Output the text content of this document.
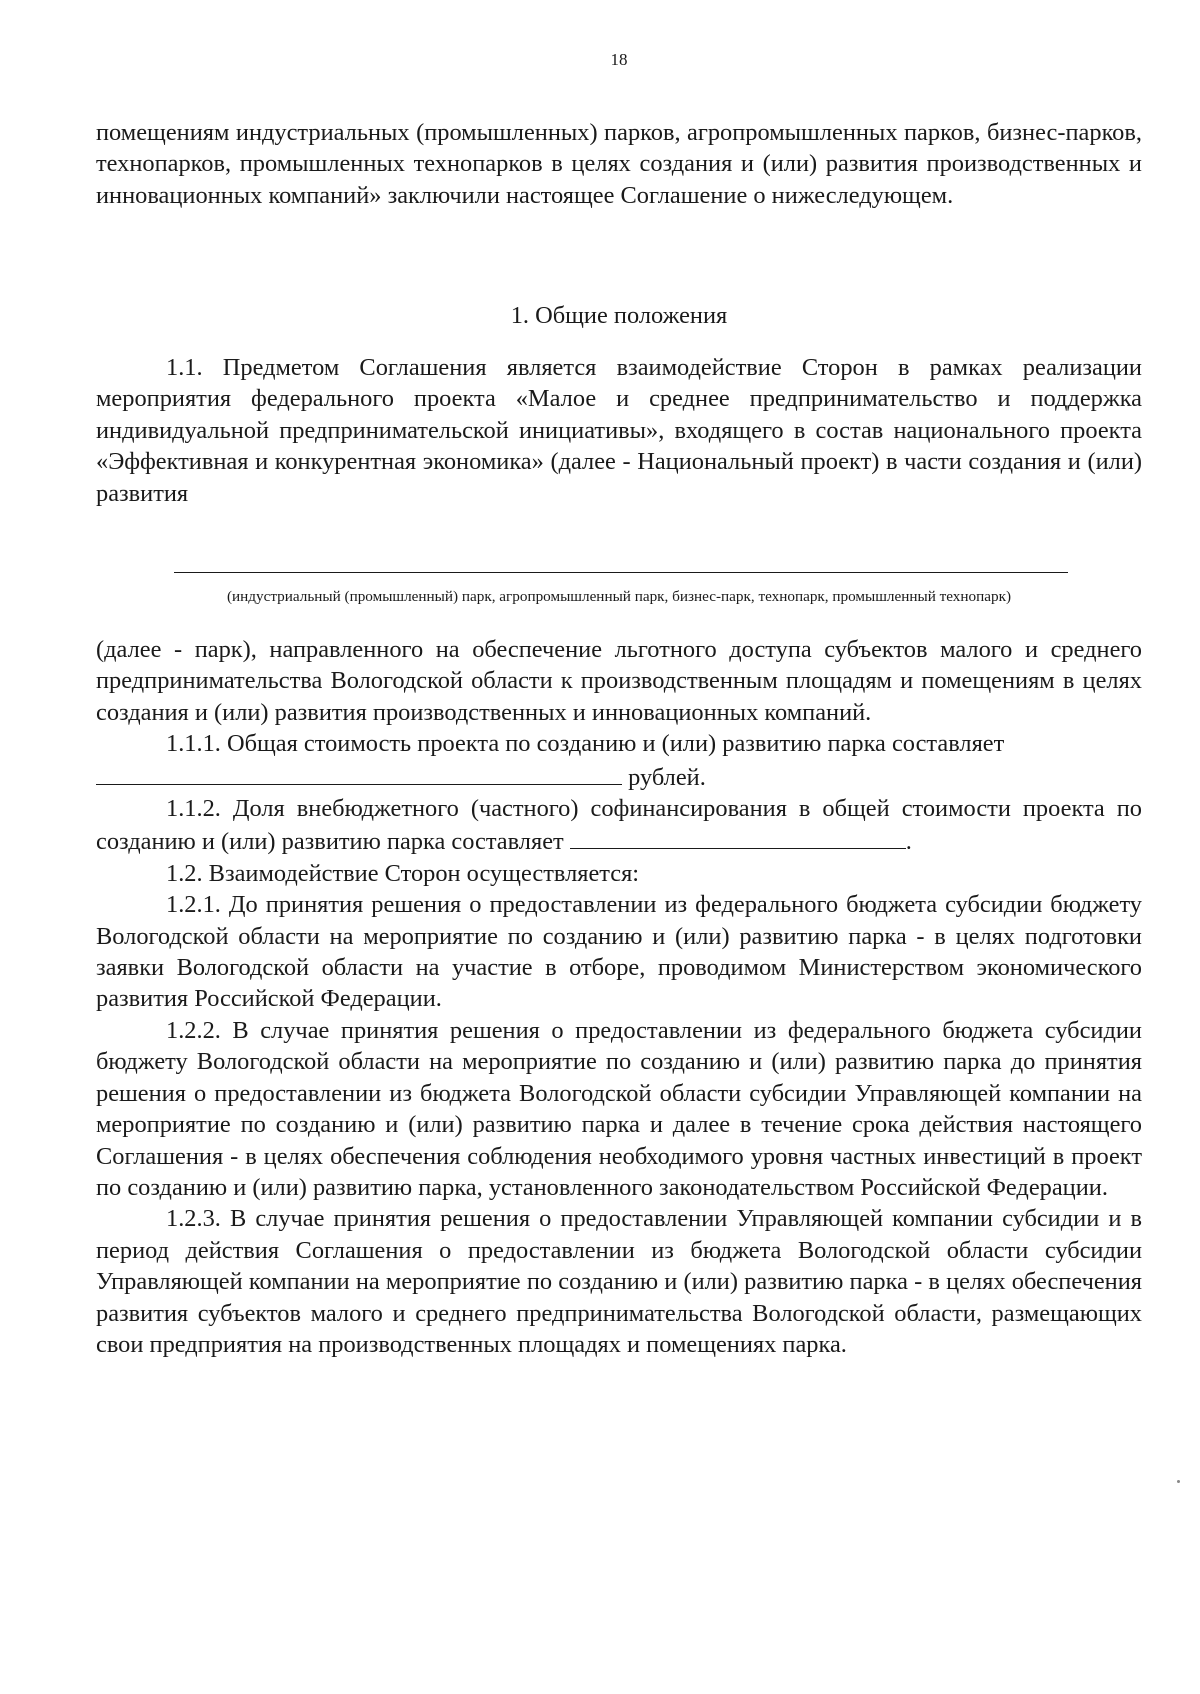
18

помещениям индустриальных (промышленных) парков, агропромышленных парков, бизнес-парков, технопарков, промышленных технопарков в целях создания и (или) развития производственных и инновационных компаний» заключили настоящее Соглашение о нижеследующем.

1. Общие положения

1.1. Предметом Соглашения является взаимодействие Сторон в рамках реализации мероприятия федерального проекта «Малое и среднее предпринимательство и поддержка индивидуальной предпринимательской инициативы», входящего в состав национального проекта «Эффективная и конкурентная экономика» (далее - Национальный проект) в части создания и (или) развития

(индустриальный (промышленный) парк, агропромышленный парк, бизнес-парк, технопарк, промышленный технопарк)

(далее - парк), направленного на обеспечение льготного доступа субъектов малого и среднего предпринимательства Вологодской области к производственным площадям и помещениям в целях создания и (или) развития производственных и инновационных компаний.

1.1.1. Общая стоимость проекта по созданию и (или) развитию парка составляет

рублей.

1.1.2. Доля внебюджетного (частного) софинансирования в общей стоимости проекта по созданию и (или) развитию парка составляет	.

1.2. Взаимодействие Сторон осуществляется:

1.2.1. До принятия решения о предоставлении из федерального бюджета субсидии бюджету Вологодской области на мероприятие по созданию и (или) развитию парка - в целях подготовки заявки Вологодской области на участие в отборе, проводимом Министерством экономического развития Российской Федерации.

1.2.2. В случае принятия решения о предоставлении из федерального бюджета субсидии бюджету Вологодской области на мероприятие по созданию и (или) развитию парка до принятия решения о предоставлении из бюджета Вологодской области субсидии Управляющей компании на мероприятие по созданию и (или) развитию парка и далее в течение срока действия настоящего Соглашения - в целях обеспечения соблюдения необходимого уровня частных инвестиций в проект по созданию и (или) развитию парка, установленного законодательством Российской Федерации.

1.2.3. В случае принятия решения о предоставлении Управляющей компании субсидии и в период действия Соглашения о предоставлении из бюджета Вологодской области субсидии Управляющей компании на мероприятие по созданию и (или) развитию парка - в целях обеспечения развития субъектов малого и среднего предпринимательства Вологодской области, размещающих свои предприятия на производственных площадях и помещениях парка.
